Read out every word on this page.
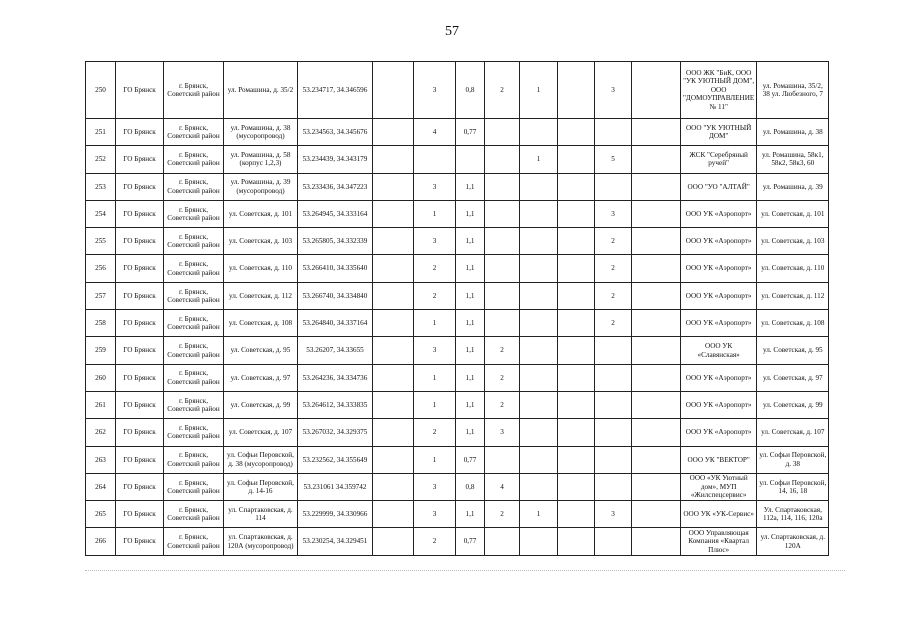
57
250	ГО Брянск	г. Брянск, Советский район	ул. Ромашина, д. 35/2	53.234717, 34.346596		3	0,8	2	1		3		ООО ЖК "БиК, ООО "УК УЮТНЫЙ ДОМ", ООО "ДОМОУПРАВЛЕНИЕ № 11"	ул. Ромашина, 35/2, 38 ул. Любезного, 7
251	ГО Брянск	г. Брянск, Советский район	ул. Ромашина, д. 38 (мусоропровод)	53.234563, 34.345676		4	0,77						ООО "УК УЮТНЫЙ ДОМ"	ул. Ромашина, д. 38
252	ГО Брянск	г. Брянск, Советский район	ул. Ромашина, д. 58 (корпус 1,2,3)	53.234439, 34.343179					1		5		ЖСК "Серебряный ручей"	ул. Ромашина, 58к1, 58к2, 58к3, 60
253	ГО Брянск	г. Брянск, Советский район	ул. Ромашина, д. 39 (мусоропровод)	53.233436, 34.347223		3	1,1						ООО "УО "АЛТАЙ"	ул. Ромашина, д. 39
254	ГО Брянск	г. Брянск, Советский район	ул. Советская, д. 101	53.264945, 34.333164		1	1,1				3		ООО УК «Аэропорт»	ул. Советская, д. 101
255	ГО Брянск	г. Брянск, Советский район	ул. Советская, д. 103	53.265805, 34.332339		3	1,1				2		ООО УК «Аэропорт»	ул. Советская, д. 103
256	ГО Брянск	г. Брянск, Советский район	ул. Советская, д. 110	53.266410, 34.335640		2	1,1				2		ООО УК «Аэропорт»	ул. Советская, д. 110
257	ГО Брянск	г. Брянск, Советский район	ул. Советская, д. 112	53.266740, 34.334840		2	1,1				2		ООО УК «Аэропорт»	ул. Советская, д. 112
258	ГО Брянск	г. Брянск, Советский район	ул. Советская, д. 108	53.264840, 34.337164		1	1,1				2		ООО УК «Аэропорт»	ул. Советская, д. 108
259	ГО Брянск	г. Брянск, Советский район	ул. Советская, д. 95	53.26207, 34.33655		3	1,1	2					ООО УК «Славянская»	ул. Советская, д. 95
260	ГО Брянск	г. Брянск, Советский район	ул. Советская, д. 97	53.264236, 34.334736		1	1,1	2					ООО УК «Аэропорт»	ул. Советская, д. 97
261	ГО Брянск	г. Брянск, Советский район	ул. Советская, д. 99	53.264612, 34.333835		1	1,1	2					ООО УК «Аэропорт»	ул. Советская, д. 99
262	ГО Брянск	г. Брянск, Советский район	ул. Советская, д. 107	53.267032, 34.329375		2	1,1	3					ООО УК «Аэропорт»	ул. Советская, д. 107
263	ГО Брянск	г. Брянск, Советский район	ул. Софьи Перовской, д. 38 (мусоропровод)	53.232562, 34.355649		1	0,77						ООО УК "ВЕКТОР"	ул. Софьи Перовской, д. 38
264	ГО Брянск	г. Брянск, Советский район	ул. Софьи Перовской, д. 14-16	53.231061 34.359742		3	0,8	4					ООО «УК Уютный дом», МУП «Жилспецсервис»	ул. Софьи Перовской, 14, 16, 18
265	ГО Брянск	г. Брянск, Советский район	ул. Спартаковская, д. 114	53.229999, 34.330966		3	1,1	2	1		3		ООО УК «УК-Сервис»	Ул. Спартаковская, 112а, 114, 116, 120а
266	ГО Брянск	г. Брянск, Советский район	ул. Спартаковская, д. 120А (мусоропровод)	53.230254, 34.329451		2	0,77						ООО Управляющая Компания «Квартал Плюс»	ул. Спартаковская, д. 120А
